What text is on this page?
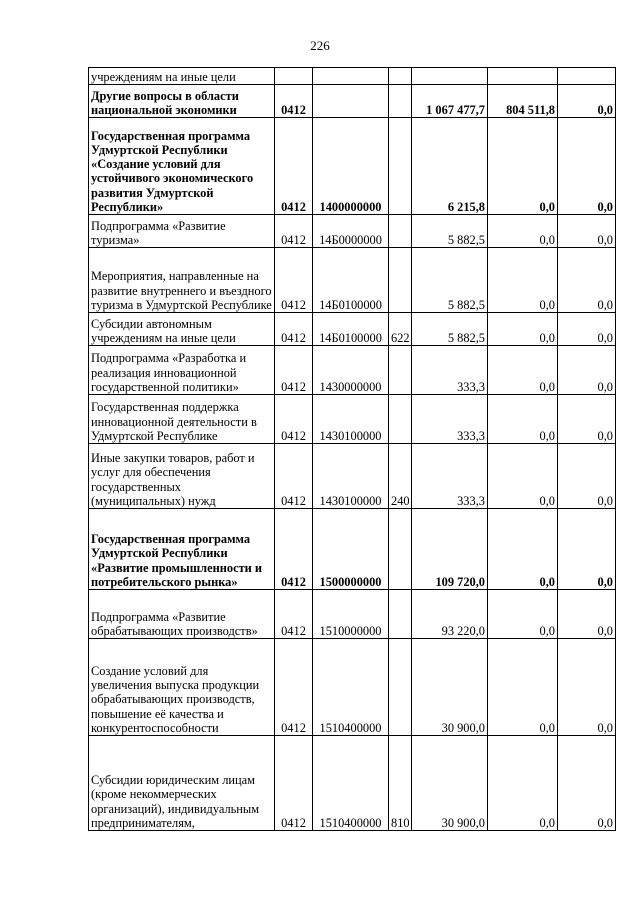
226
учреждениям на иные цели						
Другие вопросы в области национальной экономики	0412			1 067 477,7	804 511,8	0,0
Государственная программа Удмуртской Республики «Создание условий для устойчивого экономического развития Удмуртской Республики»	0412	1400000000		6 215,8	0,0	0,0
Подпрограмма «Развитие туризма»	0412	14Б0000000		5 882,5	0,0	0,0
Мероприятия, направленные на развитие внутреннего и въездного туризма в Удмуртской Республике	0412	14Б0100000		5 882,5	0,0	0,0
Субсидии автономным учреждениям на иные цели	0412	14Б0100000	622	5 882,5	0,0	0,0
Подпрограмма «Разработка и реализация инновационной государственной политики»	0412	1430000000		333,3	0,0	0,0
Государственная поддержка инновационной деятельности в Удмуртской Республике	0412	1430100000		333,3	0,0	0,0
Иные закупки товаров, работ и услуг для обеспечения государственных (муниципальных) нужд	0412	1430100000	240	333,3	0,0	0,0
Государственная программа Удмуртской Республики «Развитие промышленности и потребительского рынка»	0412	1500000000		109 720,0	0,0	0,0
Подпрограмма «Развитие обрабатывающих производств»	0412	1510000000		93 220,0	0,0	0,0
Создание условий для увеличения выпуска продукции обрабатывающих производств, повышение её качества и конкурентоспособности	0412	1510400000		30 900,0	0,0	0,0
Субсидии юридическим лицам (кроме некоммерческих организаций), индивидуальным предпринимателям,	0412	1510400000	810	30 900,0	0,0	0,0
